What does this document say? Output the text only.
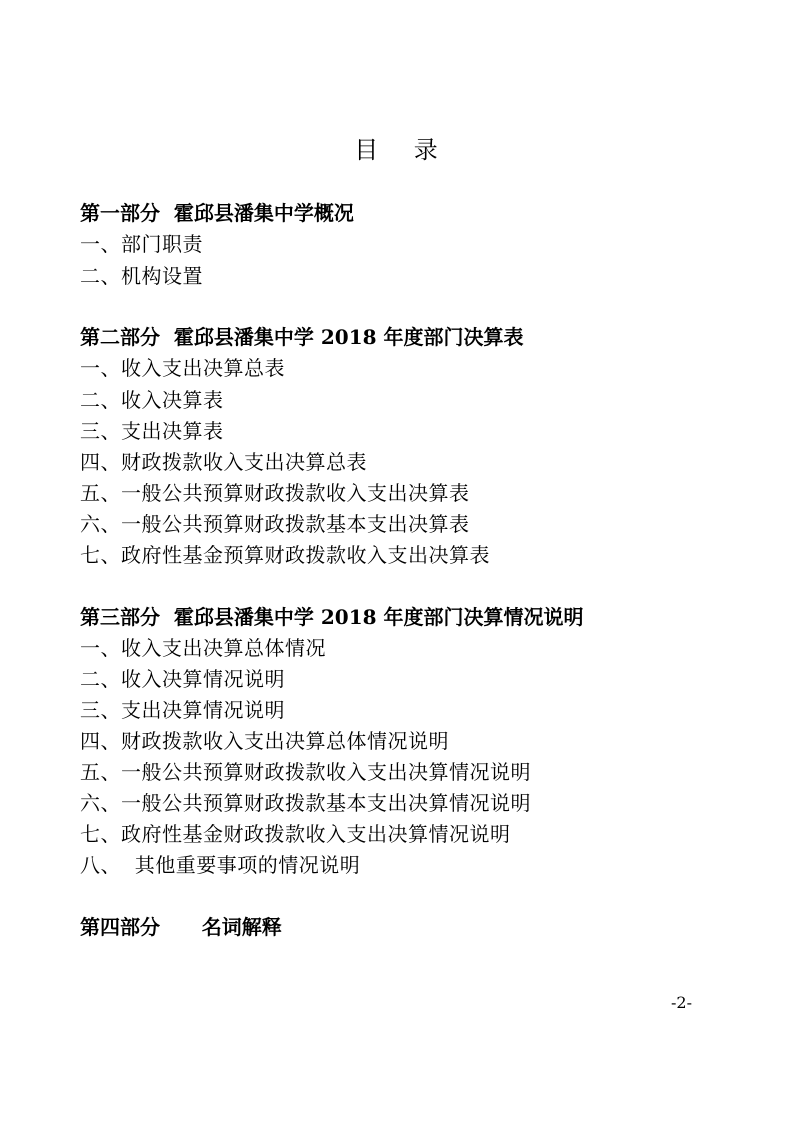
目    录
第一部分  霍邱县潘集中学概况
一、部门职责
二、机构设置
第二部分  霍邱县潘集中学 2018 年度部门决算表
一、收入支出决算总表
二、收入决算表
三、支出决算表
四、财政拨款收入支出决算总表
五、一般公共预算财政拨款收入支出决算表
六、一般公共预算财政拨款基本支出决算表
七、政府性基金预算财政拨款收入支出决算表
第三部分  霍邱县潘集中学 2018 年度部门决算情况说明
一、收入支出决算总体情况
二、收入决算情况说明
三、支出决算情况说明
四、财政拨款收入支出决算总体情况说明
五、一般公共预算财政拨款收入支出决算情况说明
六、一般公共预算财政拨款基本支出决算情况说明
七、政府性基金财政拨款收入支出决算情况说明
八、  其他重要事项的情况说明
第四部分      名词解释
-2-
